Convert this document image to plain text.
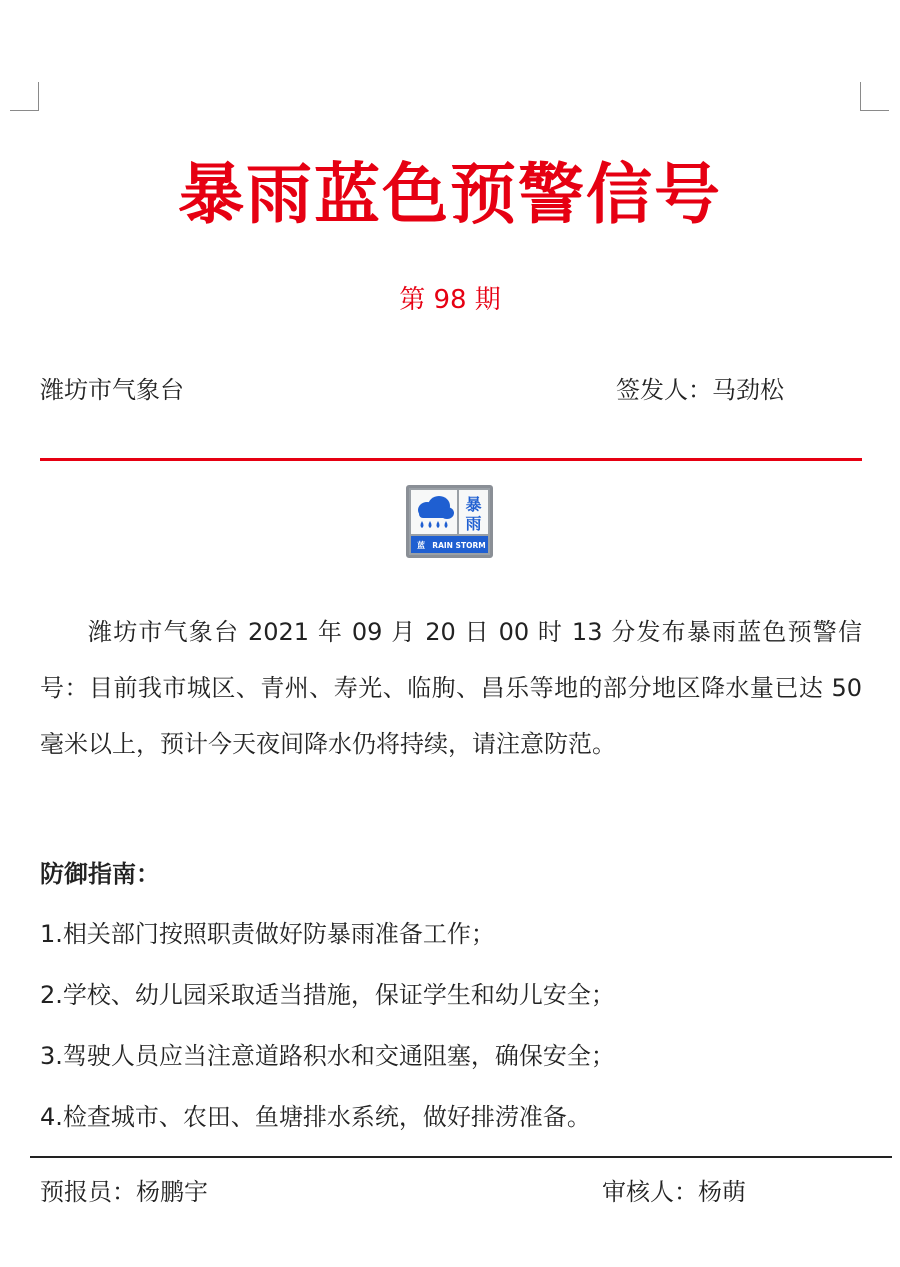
暴雨蓝色预警信号
第 98 期
潍坊市气象台	签发人：马劲松
暴
雨
蓝 RAIN STORM
潍坊市气象台 2021 年 09 月 20 日 00 时 13 分发布暴雨蓝色预警信号：目前我市城区、青州、寿光、临朐、昌乐等地的部分地区降水量已达 50 毫米以上，预计今天夜间降水仍将持续，请注意防范。
防御指南：
1.相关部门按照职责做好防暴雨准备工作；
2.学校、幼儿园采取适当措施，保证学生和幼儿安全；
3.驾驶人员应当注意道路积水和交通阻塞，确保安全；
4.检查城市、农田、鱼塘排水系统，做好排涝准备。
预报员：杨鹏宇	审核人：杨萌
